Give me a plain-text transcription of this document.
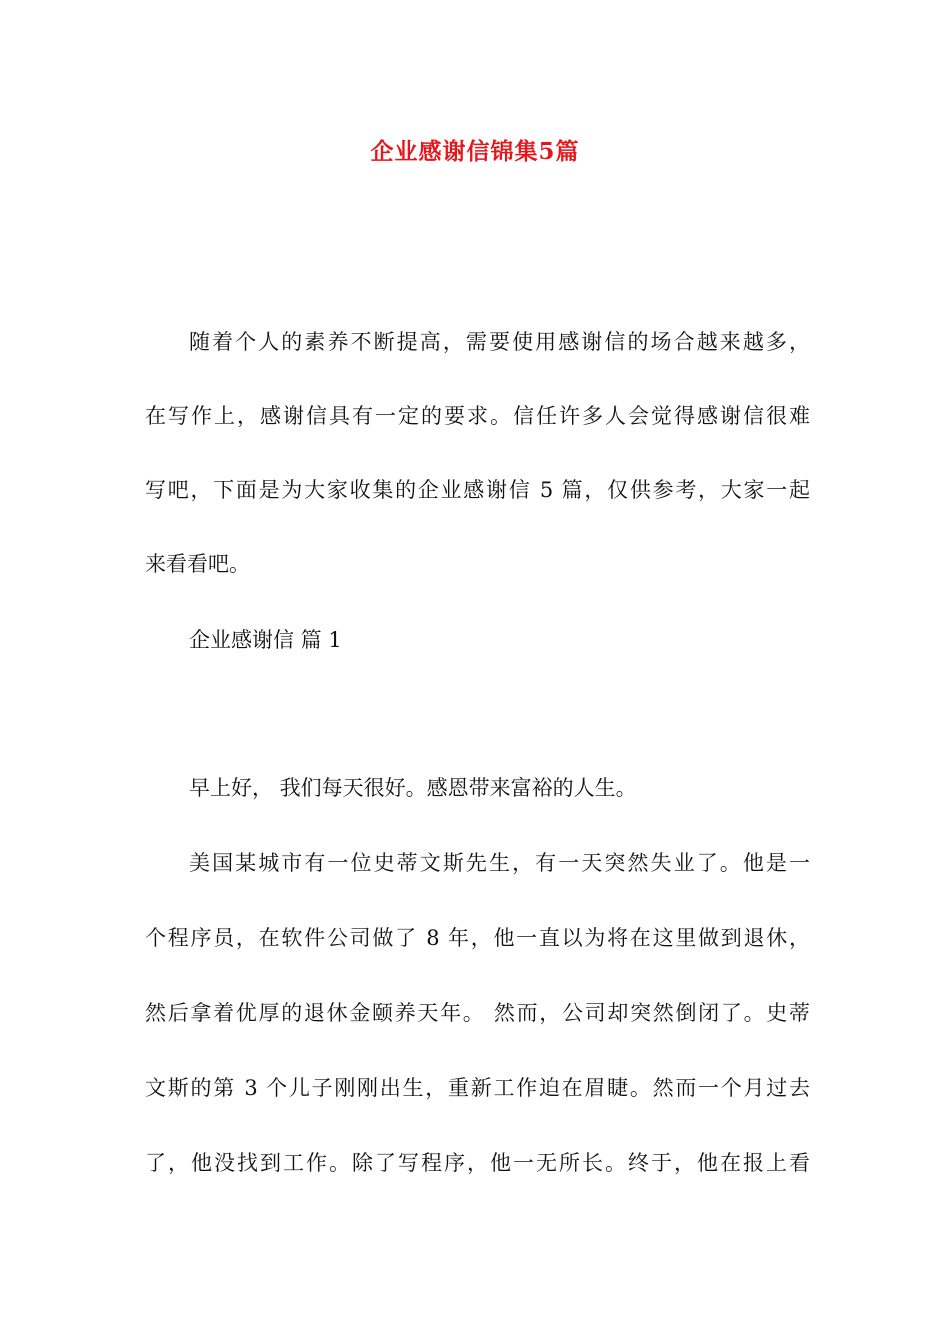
企业感谢信锦集5篇
随着个人的素养不断提高，需要使用感谢信的场合越来越多，
在写作上，感谢信具有一定的要求。信任许多人会觉得感谢信很难
写吧，下面是为大家收集的企业感谢信 5 篇，仅供参考，大家一起
来看看吧。
企业感谢信 篇 1
早上好， 我们每天很好。感恩带来富裕的人生。
美国某城市有一位史蒂文斯先生，有一天突然失业了。他是一
个程序员，在软件公司做了 8 年，他一直以为将在这里做到退休，
然后拿着优厚的退休金颐养天年。 然而，公司却突然倒闭了。史蒂
文斯的第 3 个儿子刚刚出生，重新工作迫在眉睫。然而一个月过去
了，他没找到工作。除了写程序，他一无所长。终于，他在报上看
